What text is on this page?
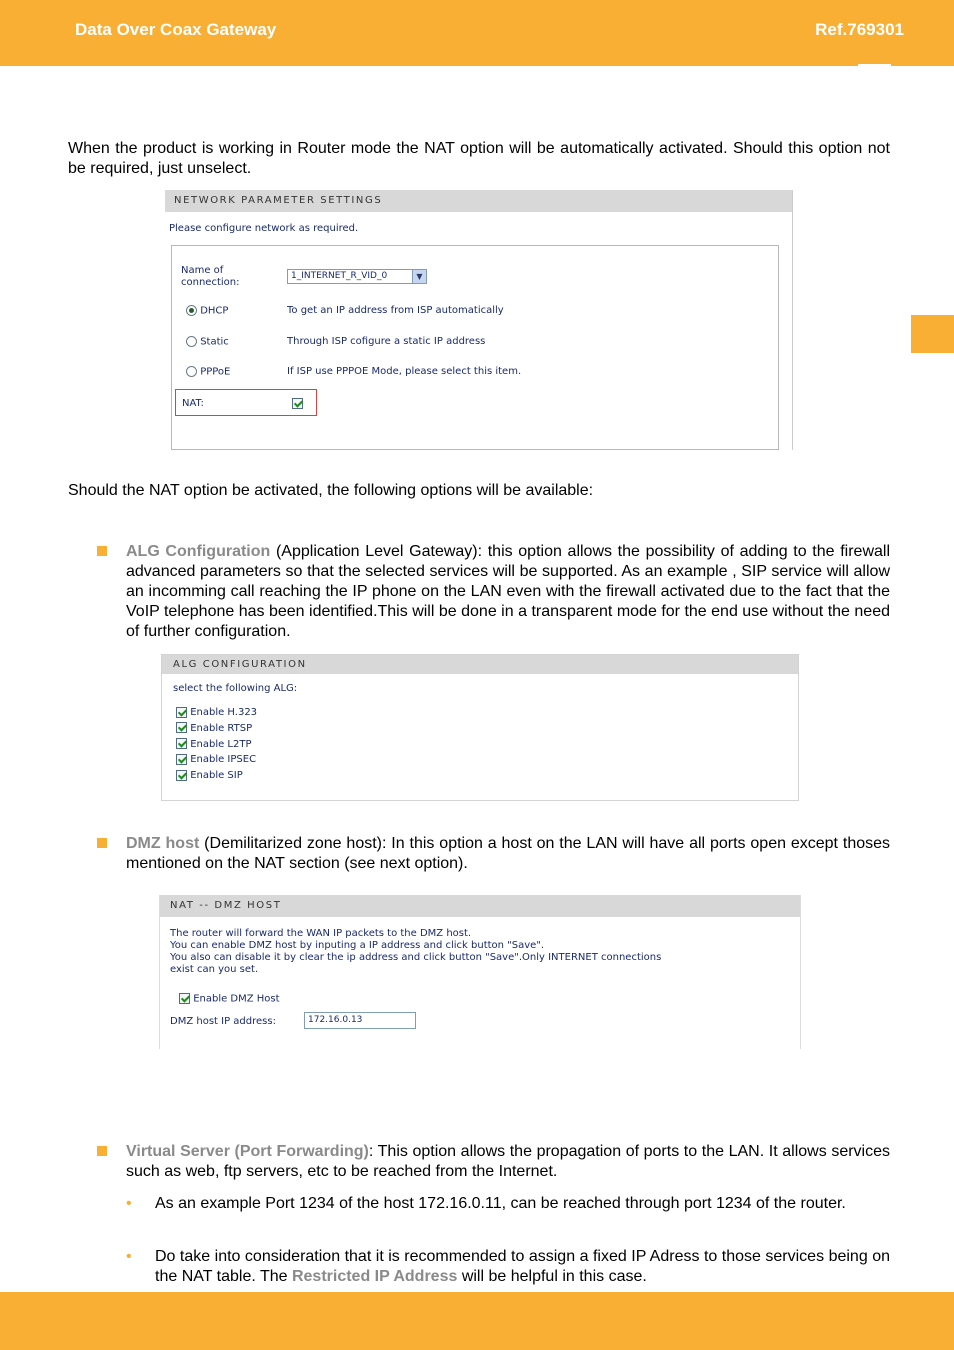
Data Over Coax Gateway	Ref.769301
When the product is working in Router mode the NAT option will be automatically activated. Should this option not be required, just unselect.
NETWORK PARAMETER SETTINGS
Please configure network as required.
Name of
connection:
1_INTERNET_R_VID_0	▼
DHCP	To get an IP address from ISP automatically
Static	Through ISP cofigure a static IP address
PPPoE	If ISP use PPPOE Mode, please select this item.
NAT:
Should the NAT option be activated, the following options will be available:
ALG Configuration (Application Level Gateway): this option allows the possibility of adding to the firewall advanced parameters so that the selected services will be supported. As an example , SIP service will allow an incomming call reaching the IP phone on the LAN even with the firewall activated due to the fact that the VoIP telephone has been identified.This will be done in a transparent mode for the end use without the need of further configuration.
ALG CONFIGURATION
select the following ALG:
Enable H.323
Enable RTSP
Enable L2TP
Enable IPSEC
Enable SIP
DMZ host (Demilitarized zone host): In this option a host on the LAN will have all ports open except thoses mentioned on the NAT section (see next option).
NAT -- DMZ HOST
The router will forward the WAN IP packets to the DMZ host.
You can enable DMZ host by inputing a IP address and click button "Save".
You also can disable it by clear the ip address and click button "Save".Only INTERNET connections
exist can you set.
Enable DMZ Host
DMZ host IP address:	172.16.0.13
Virtual Server (Port Forwarding): This option allows the propagation of ports to the LAN. It allows services such as web, ftp servers, etc to be reached from the Internet.
• As an example Port 1234 of the host 172.16.0.11, can be reached through port 1234 of the router.
• Do take into consideration that it is recommended to assign a fixed IP Adress to those services being on the NAT table. The Restricted IP Address will be helpful in this case.
